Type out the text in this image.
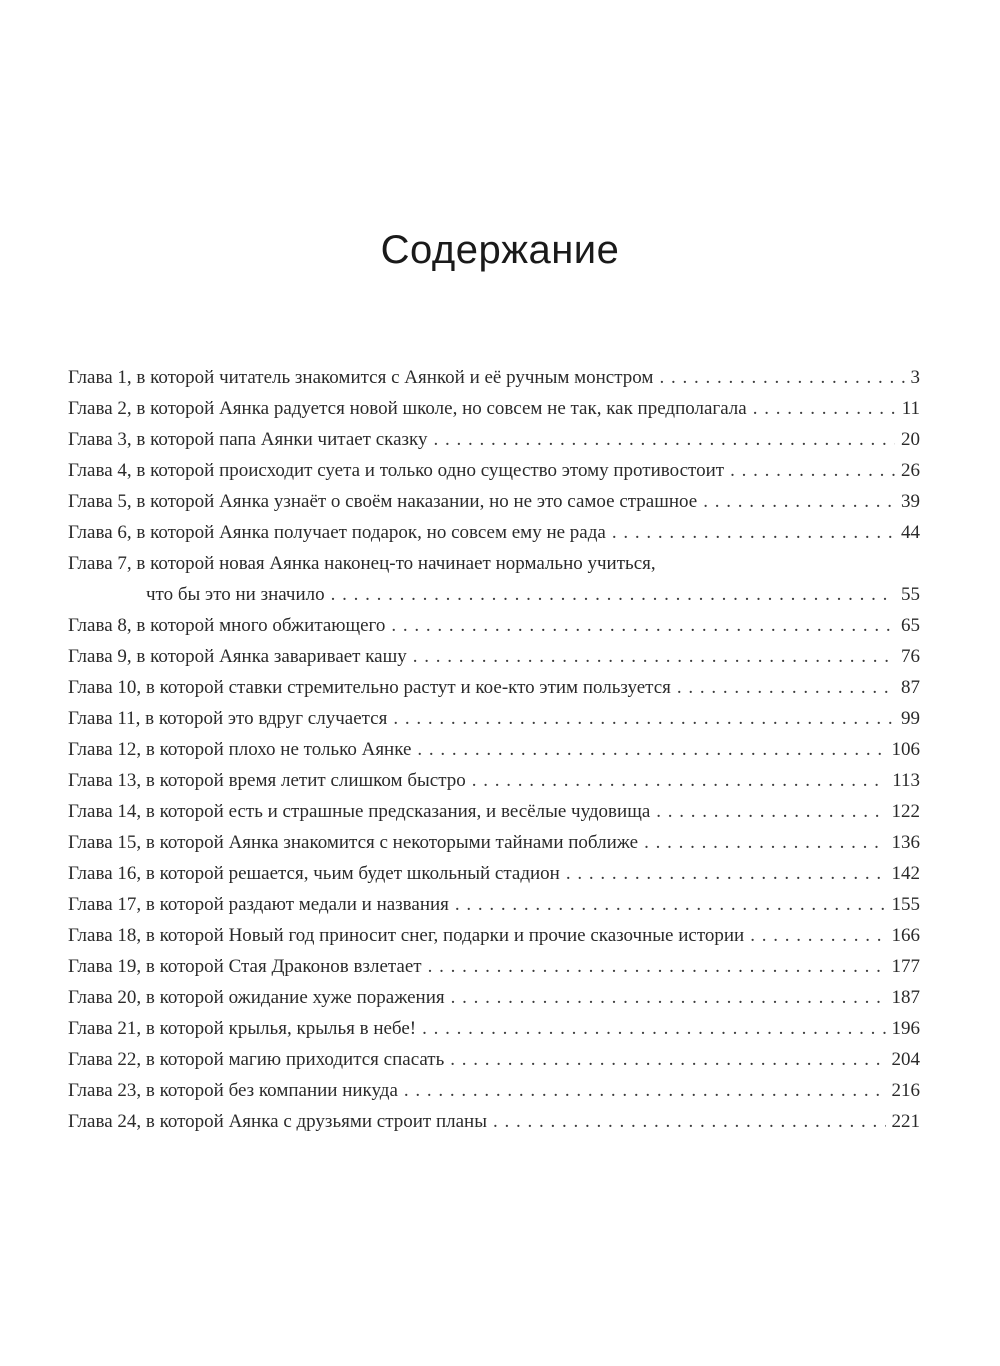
Содержание
Глава 1, в которой читатель знакомится с Аянкой и её ручным монстром . . .	3
Глава 2, в которой Аянка радуется новой школе, но совсем не так, как предполагала . . .	11
Глава 3, в которой папа Аянки читает сказку . . .	20
Глава 4, в которой происходит суета и только одно существо этому противостоит . . .	26
Глава 5, в которой Аянка узнаёт о своём наказании, но не это самое страшное . . .	39
Глава 6, в которой Аянка получает подарок, но совсем ему не рада . . .	44
Глава 7, в которой новая Аянка наконец-то начинает нормально учиться,
что бы это ни значило . . .	55
Глава 8, в которой много обжитающего . . .	65
Глава 9, в которой Аянка заваривает кашу . . .	76
Глава 10, в которой ставки стремительно растут и кое-кто этим пользуется . . .	87
Глава 11, в которой это вдруг случается . . .	99
Глава 12, в которой плохо не только Аянке . . .	106
Глава 13, в которой время летит слишком быстро . . .	113
Глава 14, в которой есть и страшные предсказания, и весёлые чудовища . . .	122
Глава 15, в которой Аянка знакомится с некоторыми тайнами поближе . . .	136
Глава 16, в которой решается, чьим будет школьный стадион . . .	142
Глава 17, в которой раздают медали и названия . . .	155
Глава 18, в которой Новый год приносит снег, подарки и прочие сказочные истории . . .	166
Глава 19, в которой Стая Драконов взлетает . . .	177
Глава 20, в которой ожидание хуже поражения . . .	187
Глава 21, в которой крылья, крылья в небе! . . .	196
Глава 22, в которой магию приходится спасать . . .	204
Глава 23, в которой без компании никуда . . .	216
Глава 24, в которой Аянка с друзьями строит планы . . .	221
